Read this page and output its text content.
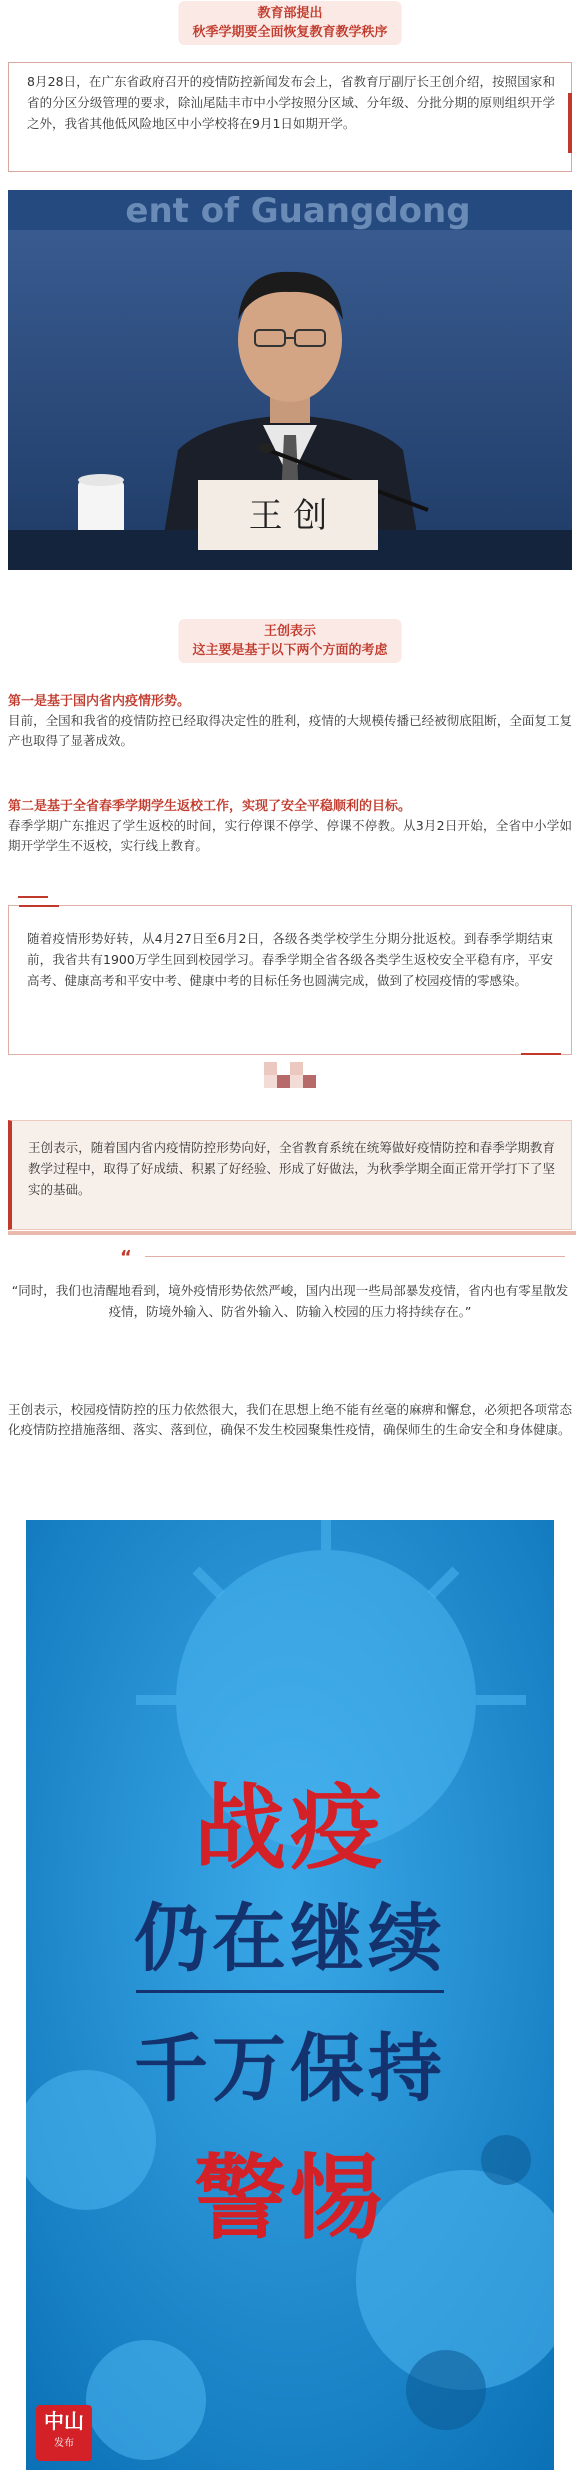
教育部提出
秋季学期要全面恢复教育教学秩序

8月28日，在广东省政府召开的疫情防控新闻发布会上，省教育厅副厅长王创介绍，按照国家和省的分区分级管理的要求，除汕尾陆丰市中小学按照分区域、分年级、分批分期的原则组织开学之外，我省其他低风险地区中小学校将在9月1日如期开学。

ent of Guangdong
王 创
王创表示
这主要是基于以下两个方面的考虑
第一是基于国内省内疫情形势。
目前，全国和我省的疫情防控已经取得决定性的胜利，疫情的大规模传播已经被彻底阻断，全面复工复产也取得了显著成效。
第二是基于全省春季学期学生返校工作，实现了安全平稳顺利的目标。
春季学期广东推迟了学生返校的时间，实行停课不停学、停课不停教。从3月2日开始，全省中小学如期开学学生不返校，实行线上教育。

随着疫情形势好转，从4月27日至6月2日，各级各类学校学生分期分批返校。到春季学期结束前，我省共有1900万学生回到校园学习。春季学期全省各级各类学生返校安全平稳有序，平安高考、健康高考和平安中考、健康中考的目标任务也圆满完成，做到了校园疫情的零感染。

王创表示，随着国内省内疫情防控形势向好，全省教育系统在统筹做好疫情防控和春季学期教育教学过程中，取得了好成绩、积累了好经验、形成了好做法，为秋季学期全面正常开学打下了坚实的基础。

“
“同时，我们也清醒地看到，境外疫情形势依然严峻，国内出现一些局部暴发疫情，省内也有零星散发疫情，防境外输入、防省外输入、防输入校园的压力将持续存在。”
王创表示，校园疫情防控的压力依然很大，我们在思想上绝不能有丝毫的麻痹和懈怠，必须把各项常态化疫情防控措施落细、落实、落到位，确保不发生校园聚集性疫情，确保师生的生命安全和身体健康。
战疫
仍在继续
千万保持
警惕
中山
发布
